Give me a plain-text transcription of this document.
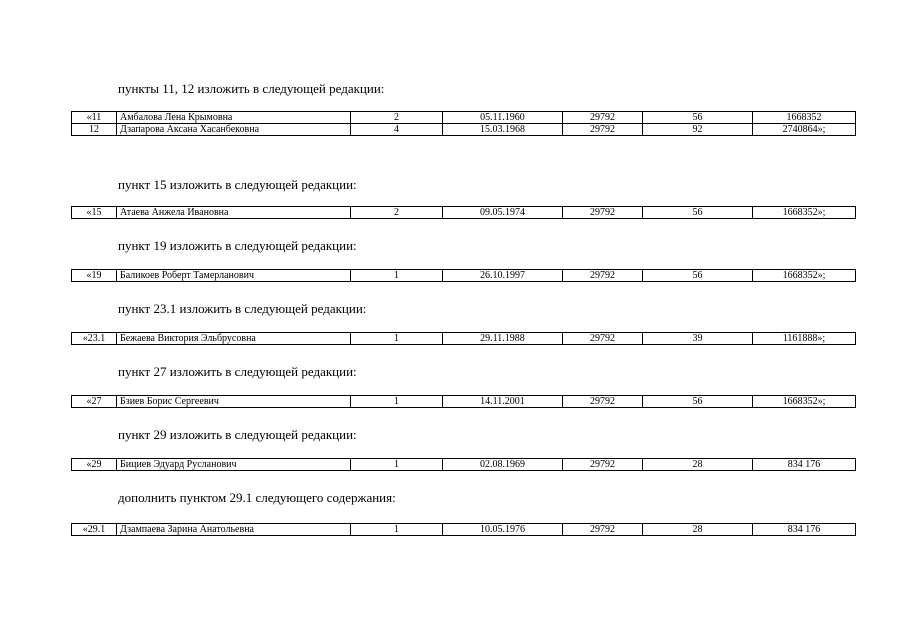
пункты 11, 12 изложить в следующей редакции:
«11	Амбалова Лена Крымовна	2	05.11.1960	29792	56	1668352
12	Дзапарова Аксана Хасанбековна	4	15.03.1968	29792	92	2740864»;
пункт 15 изложить в следующей редакции:
«15	Атаева Анжела Ивановна	2	09.05.1974	29792	56	1668352»;
пункт 19 изложить в следующей редакции:
«19	Баликоев Роберт Тамерланович	1	26.10.1997	29792	56	1668352»;
пункт 23.1 изложить в следующей редакции:
«23.1	Бежаева Виктория Эльбрусовна	1	29.11.1988	29792	39	1161888»;
пункт 27 изложить в следующей редакции:
«27	Бзиев Борис Сергеевич	1	14.11.2001	29792	56	1668352»;
пункт 29 изложить в следующей редакции:
«29	Бициев Эдуард Русланович	1	02.08.1969	29792	28	834 176
дополнить пунктом 29.1 следующего содержания:
«29.1	Дзампаева Зарина Анатольевна	1	10.05.1976	29792	28	834 176
